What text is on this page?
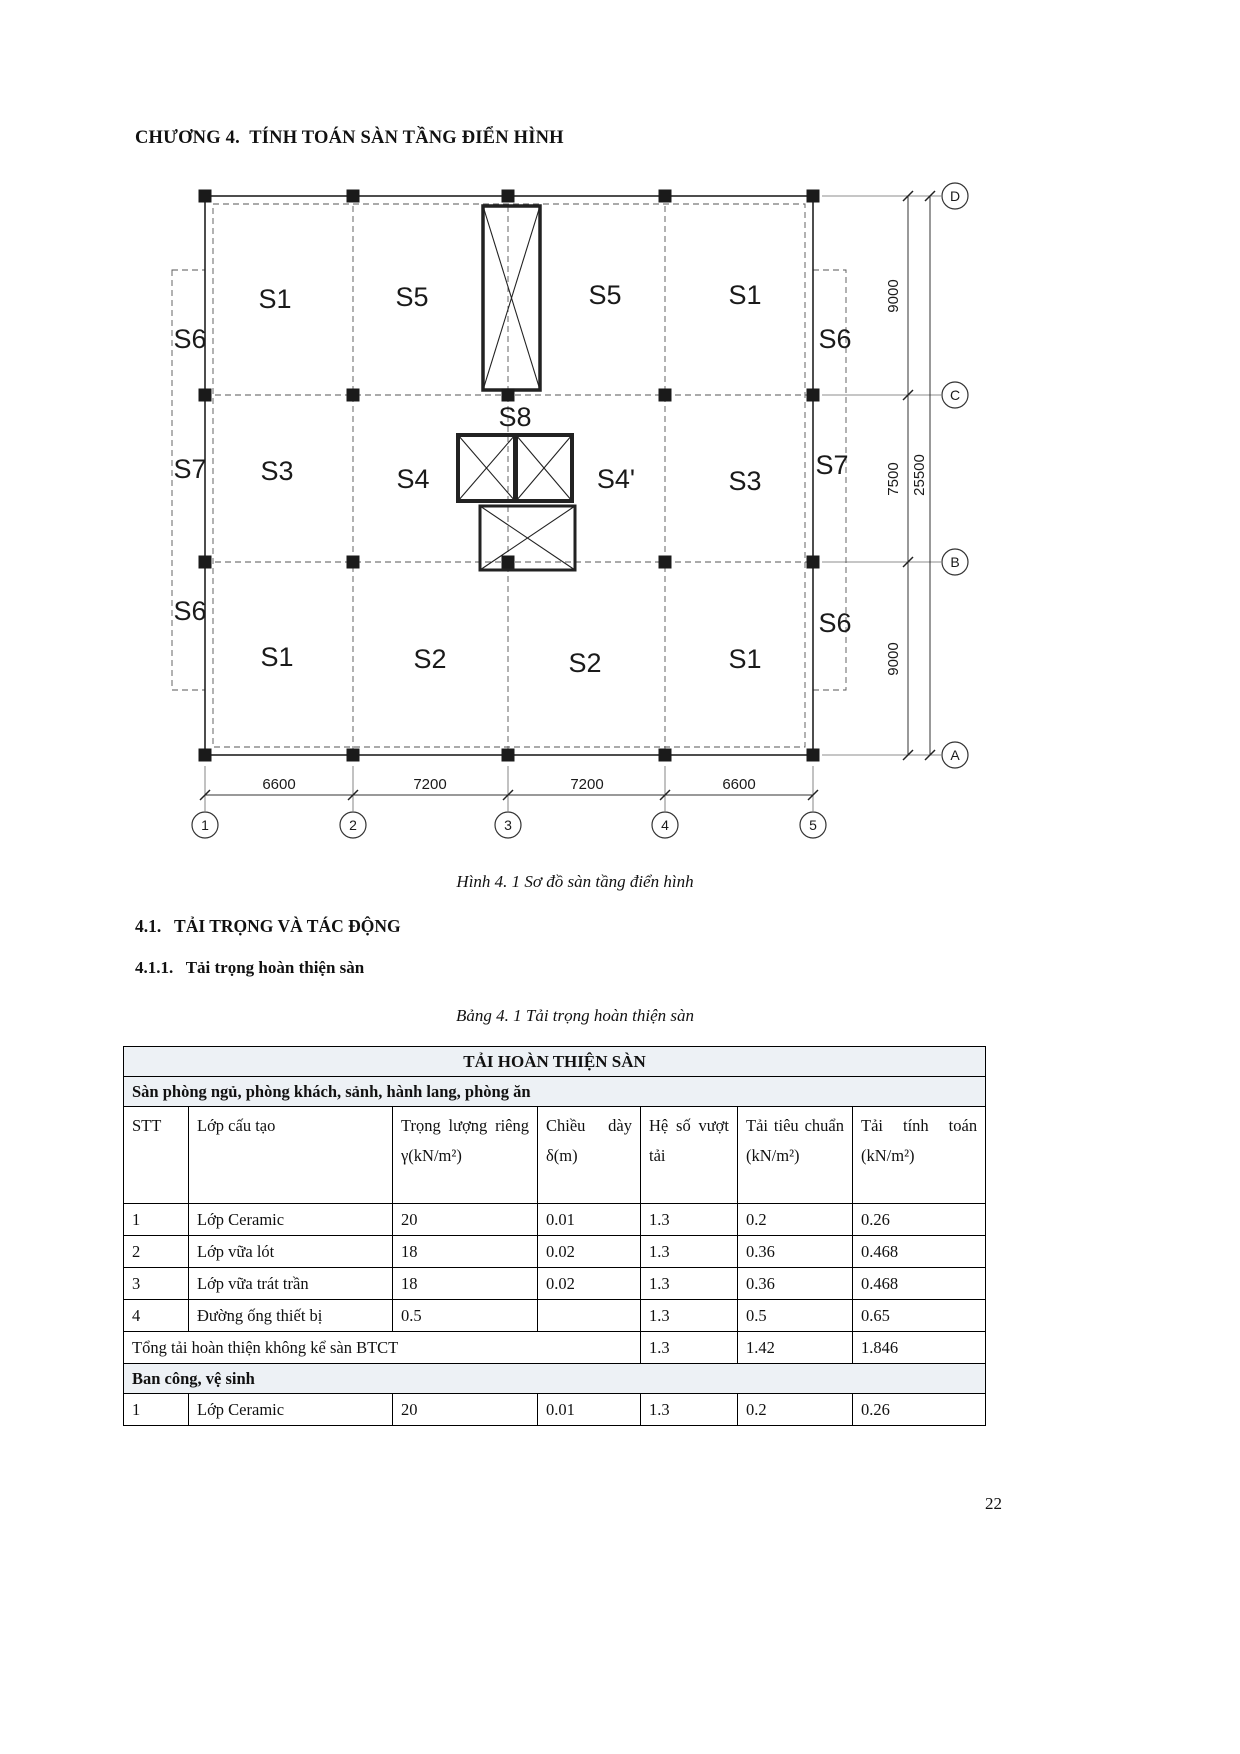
CHƯƠNG 4.  TÍNH TOÁN SÀN TẦNG ĐIỂN HÌNH
S1	S5	S5	S1
S6
S7
S6
S6
S7
S6
S3	S4	S4'	S3
S8
S1	S2	S2	S1
6600	7200	7200	6600
9000
7500
9000
25500
1	2	3	4	5
D
C
B
A
Hình 4. 1 Sơ đồ sàn tầng điển hình
4.1.   TẢI TRỌNG VÀ TÁC ĐỘNG
4.1.1.   Tải trọng hoàn thiện sàn
Bảng 4. 1 Tải trọng hoàn thiện sàn
TẢI HOÀN THIỆN SÀN						
Sàn phòng ngủ, phòng khách, sảnh, hành lang, phòng ăn						
STT	Lớp cấu tạo	Trọng lượng riêng γ(kN/m²)	Chiều dày δ(m)	Hệ số vượt tải	Tải tiêu chuẩn (kN/m²)	Tải tính toán (kN/m²)
1	Lớp Ceramic	20	0.01	1.3	0.2	0.26
2	Lớp vữa lót	18	0.02	1.3	0.36	0.468
3	Lớp vữa trát trần	18	0.02	1.3	0.36	0.468
4	Đường ống thiết bị	0.5		1.3	0.5	0.65
Tổng tải hoàn thiện không kể sàn BTCT				1.3	1.42	1.846
Ban công, vệ sinh						
1	Lớp Ceramic	20	0.01	1.3	0.2	0.26
22
